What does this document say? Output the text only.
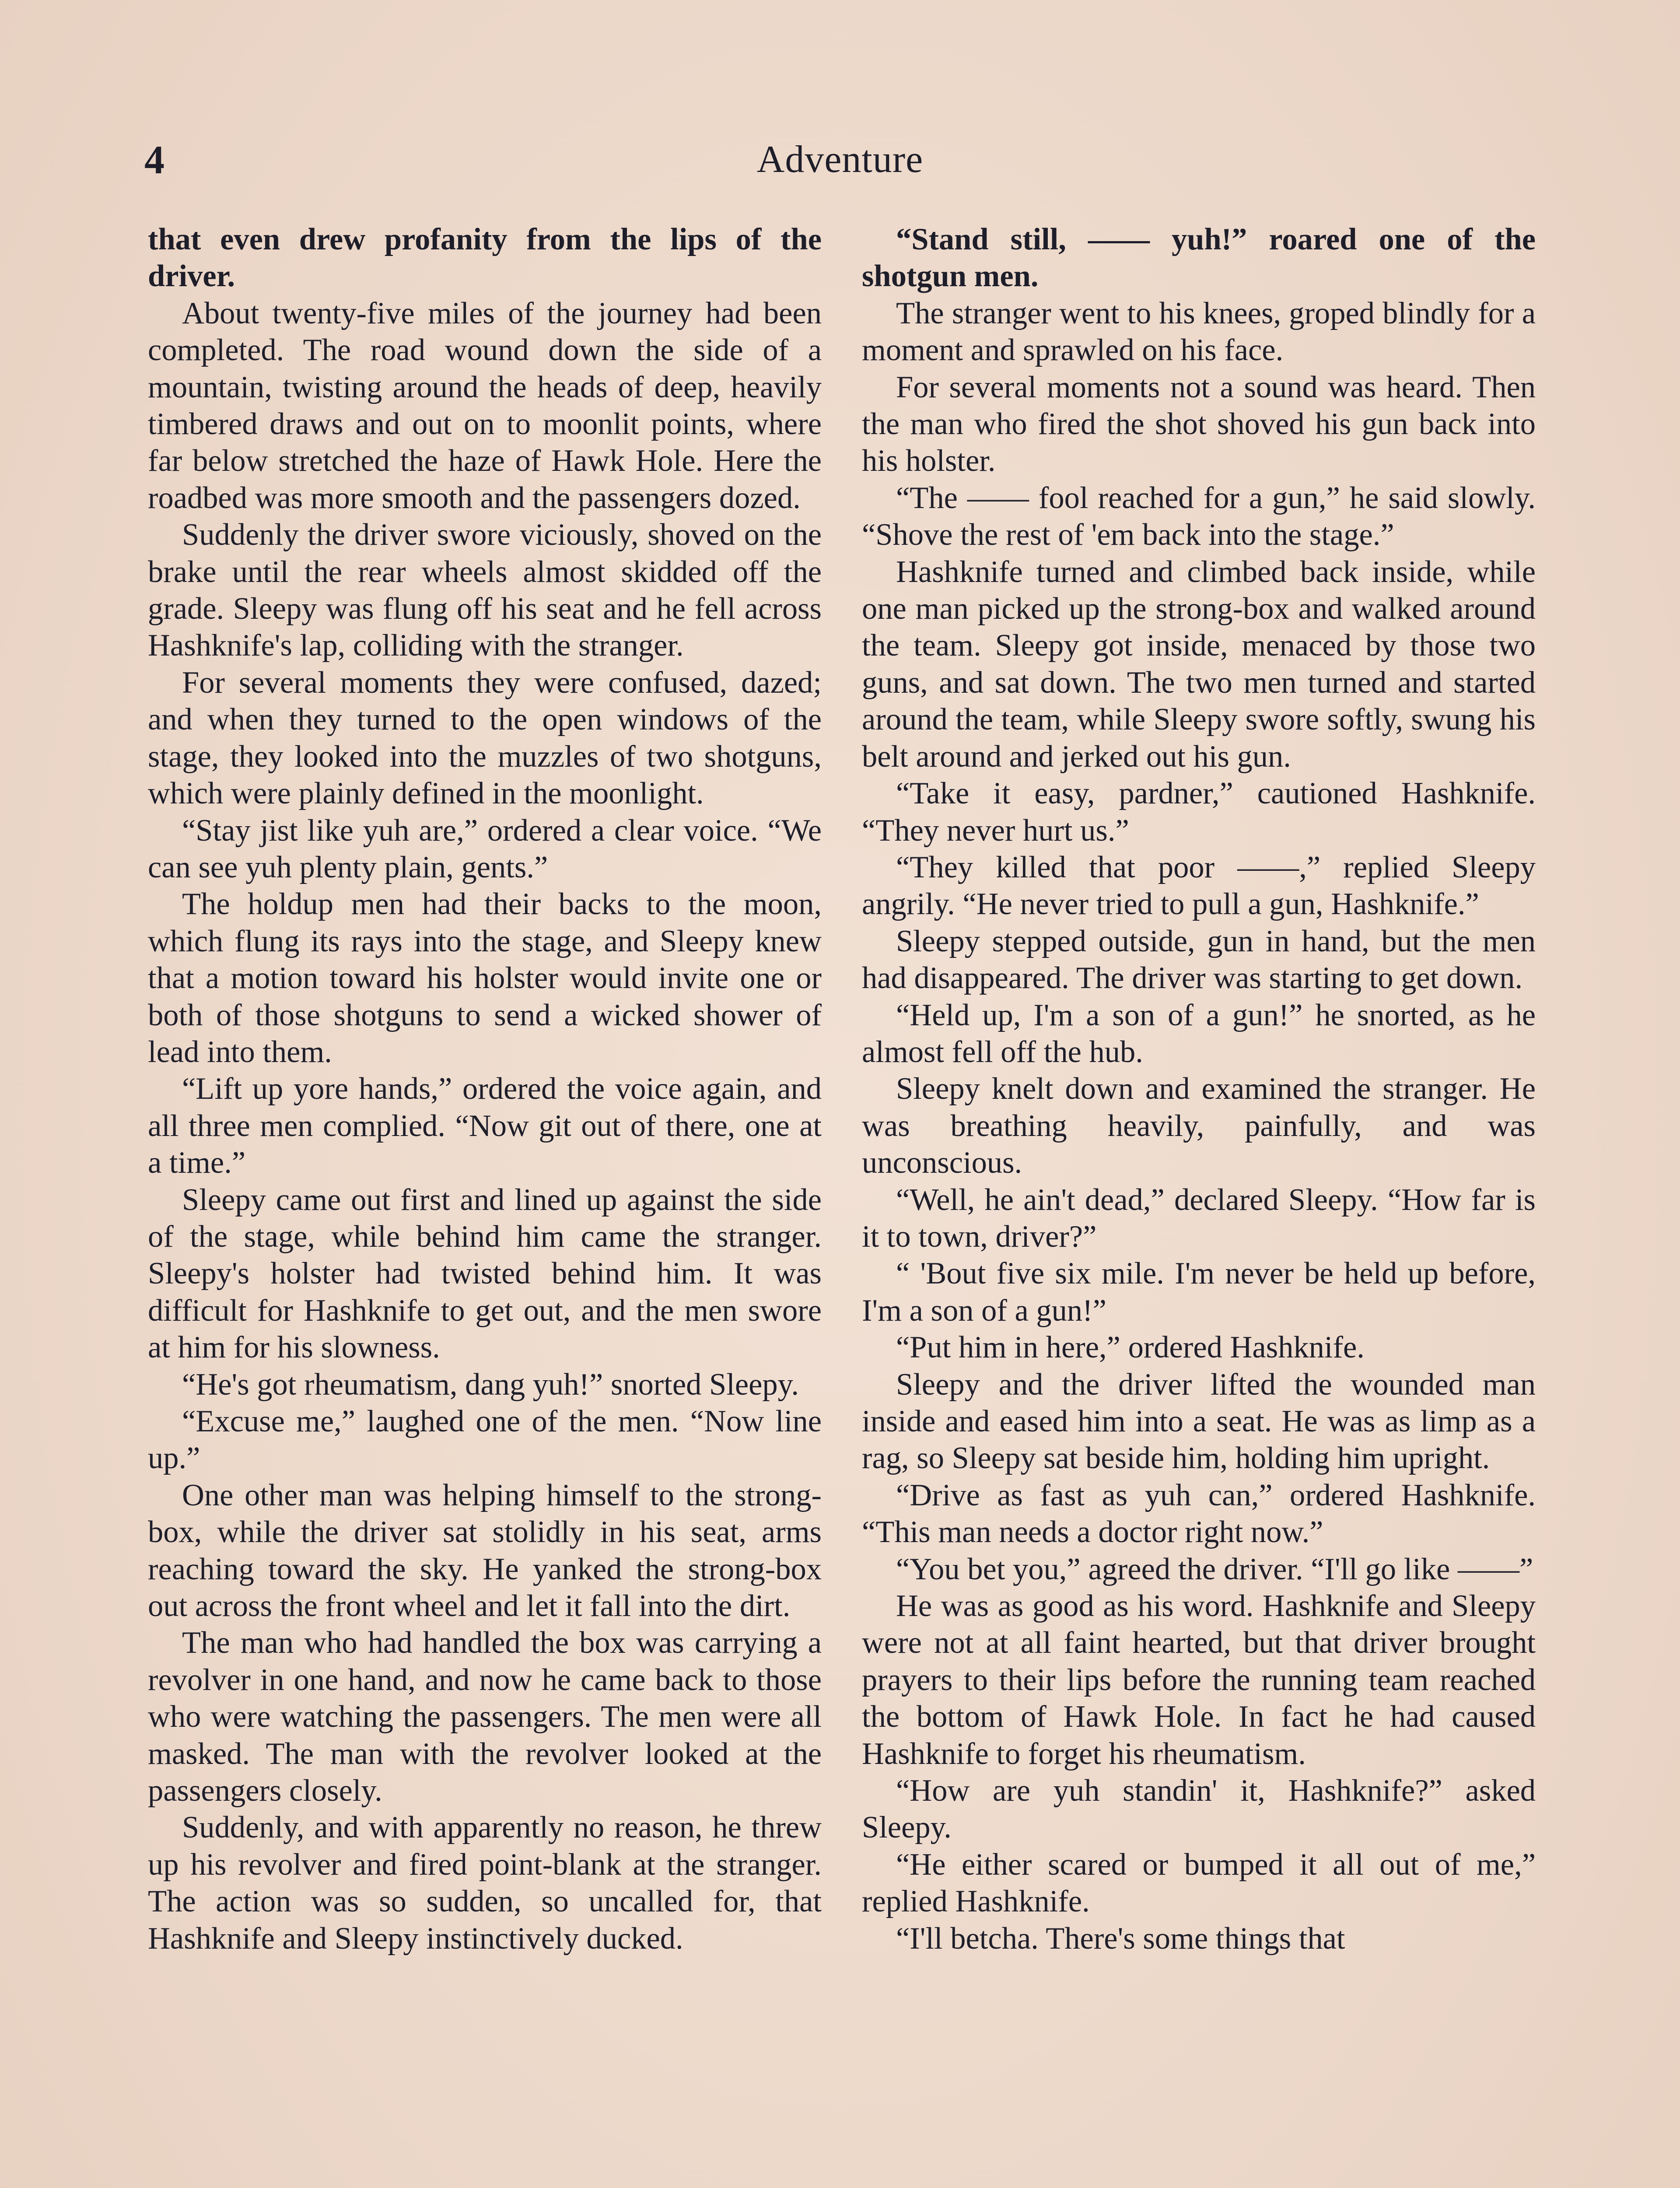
4	Adventure

that even drew profanity from the lips of the driver.

About twenty-five miles of the journey had been completed. The road wound down the side of a mountain, twisting around the heads of deep, heavily timbered draws and out on to moonlit points, where far below stretched the haze of Hawk Hole. Here the roadbed was more smooth and the passengers dozed.

Suddenly the driver swore viciously, shoved on the brake until the rear wheels almost skidded off the grade. Sleepy was flung off his seat and he fell across Hashknife's lap, colliding with the stranger.

For several moments they were confused, dazed; and when they turned to the open windows of the stage, they looked into the muzzles of two shotguns, which were plainly defined in the moonlight.

“Stay jist like yuh are,” ordered a clear voice. “We can see yuh plenty plain, gents.”

The holdup men had their backs to the moon, which flung its rays into the stage, and Sleepy knew that a motion toward his holster would invite one or both of those shotguns to send a wicked shower of lead into them.

“Lift up yore hands,” ordered the voice again, and all three men complied. “Now git out of there, one at a time.”

Sleepy came out first and lined up against the side of the stage, while behind him came the stranger. Sleepy's holster had twisted behind him. It was difficult for Hashknife to get out, and the men swore at him for his slowness.

“He's got rheumatism, dang yuh!” snorted Sleepy.

“Excuse me,” laughed one of the men. “Now line up.”

One other man was helping himself to the strong-box, while the driver sat stolidly in his seat, arms reaching toward the sky. He yanked the strong-box out across the front wheel and let it fall into the dirt.

The man who had handled the box was carrying a revolver in one hand, and now he came back to those who were watching the passengers. The men were all masked. The man with the revolver looked at the passengers closely.

Suddenly, and with apparently no reason, he threw up his revolver and fired point-blank at the stranger. The action was so sudden, so uncalled for, that Hashknife and Sleepy instinctively ducked.

“Stand still, —— yuh!” roared one of the shotgun men.

The stranger went to his knees, groped blindly for a moment and sprawled on his face.

For several moments not a sound was heard. Then the man who fired the shot shoved his gun back into his holster.

“The —— fool reached for a gun,” he said slowly. “Shove the rest of 'em back into the stage.”

Hashknife turned and climbed back inside, while one man picked up the strong-box and walked around the team. Sleepy got inside, menaced by those two guns, and sat down. The two men turned and started around the team, while Sleepy swore softly, swung his belt around and jerked out his gun.

“Take it easy, pardner,” cautioned Hashknife. “They never hurt us.”

“They killed that poor ——,” replied Sleepy angrily. “He never tried to pull a gun, Hashknife.”

Sleepy stepped outside, gun in hand, but the men had disappeared. The driver was starting to get down.

“Held up, I'm a son of a gun!” he snorted, as he almost fell off the hub.

Sleepy knelt down and examined the stranger. He was breathing heavily, painfully, and was unconscious.

“Well, he ain't dead,” declared Sleepy. “How far is it to town, driver?”

“ 'Bout five six mile. I'm never be held up before, I'm a son of a gun!”

“Put him in here,” ordered Hashknife.

Sleepy and the driver lifted the wounded man inside and eased him into a seat. He was as limp as a rag, so Sleepy sat beside him, holding him upright.

“Drive as fast as yuh can,” ordered Hashknife. “This man needs a doctor right now.”

“You bet you,” agreed the driver. “I'll go like ——”

He was as good as his word. Hashknife and Sleepy were not at all faint hearted, but that driver brought prayers to their lips before the running team reached the bottom of Hawk Hole. In fact he had caused Hashknife to forget his rheumatism.

“How are yuh standin' it, Hashknife?” asked Sleepy.

“He either scared or bumped it all out of me,” replied Hashknife.

“I'll betcha. There's some things that
